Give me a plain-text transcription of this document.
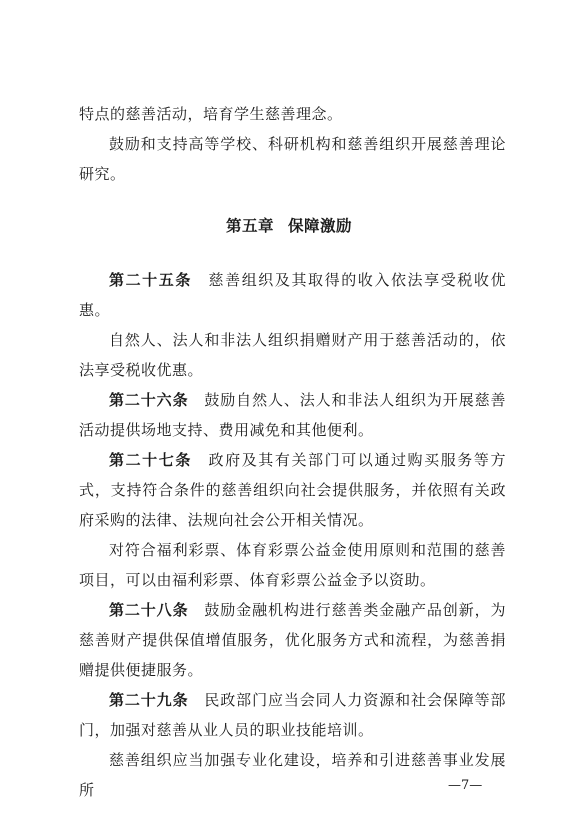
特点的慈善活动，培育学生慈善理念。

鼓励和支持高等学校、科研机构和慈善组织开展慈善理论研究。

第五章 保障激励

第二十五条　 慈善组织及其取得的收入依法享受税收优惠。

自然人、法人和非法人组织捐赠财产用于慈善活动的，依法享受税收优惠。

第二十六条　 鼓励自然人、法人和非法人组织为开展慈善活动提供场地支持、费用减免和其他便利。

第二十七条　 政府及其有关部门可以通过购买服务等方式，支持符合条件的慈善组织向社会提供服务，并依照有关政府采购的法律、法规向社会公开相关情况。

对符合福利彩票、体育彩票公益金使用原则和范围的慈善项目，可以由福利彩票、体育彩票公益金予以资助。

第二十八条　 鼓励金融机构进行慈善类金融产品创新，为慈善财产提供保值增值服务，优化服务方式和流程，为慈善捐赠提供便捷服务。

第二十九条　 民政部门应当会同人力资源和社会保障等部门，加强对慈善从业人员的职业技能培训。

慈善组织应当加强专业化建设，培养和引进慈善事业发展所	—7—
